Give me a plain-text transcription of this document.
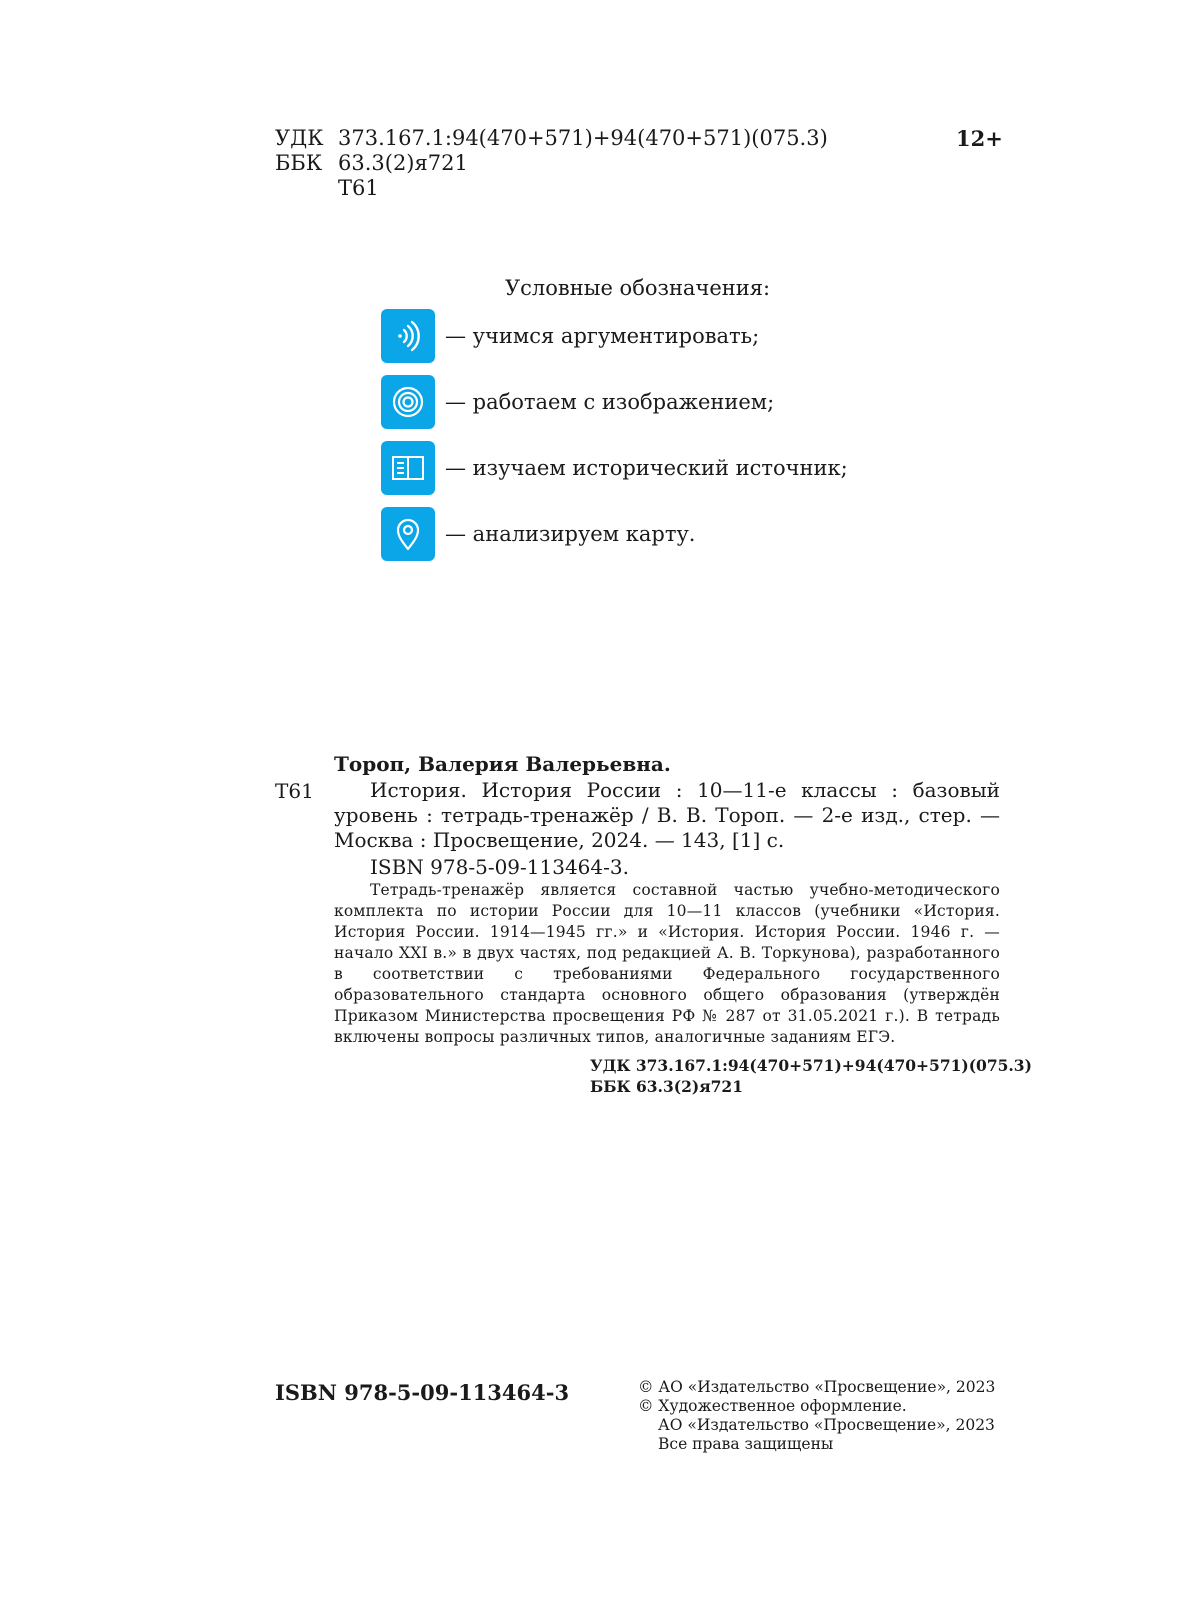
УДК 373.167.1:94(470+571)+94(470+571)(075.3)
ББК 63.3(2)я721
Т61
12+
Условные обозначения:
— учимся аргументировать;
— работаем с изображением;
— изучаем исторический источник;
— анализируем карту.
Тороп, Валерия Валерьевна.
Т61	История. История России : 10—11-е классы : базовый уровень : тетрадь-тренажёр / В. В. Тороп. — 2-е изд., стер. — Москва : Просвещение, 2024. — 143, [1] с.
ISBN 978-5-09-113464-3.
Тетрадь-тренажёр является составной частью учебно-методического комплекта по истории России для 10—11 классов (учебники «История. История России. 1914—1945 гг.» и «История. История России. 1946 г. — начало XXI в.» в двух частях, под редакцией А. В. Торкунова), разработанного в соответствии с требованиями Федерального государственного образовательного стандарта основного общего образования (утверждён Приказом Министерства просвещения РФ № 287 от 31.05.2021 г.). В тетрадь включены вопросы различных типов, аналогичные заданиям ЕГЭ.
УДК 373.167.1:94(470+571)+94(470+571)(075.3)
ББК 63.3(2)я721
ISBN 978-5-09-113464-3	© АО «Издательство «Просвещение», 2023
© Художественное оформление.
АО «Издательство «Просвещение», 2023
Все права защищены
